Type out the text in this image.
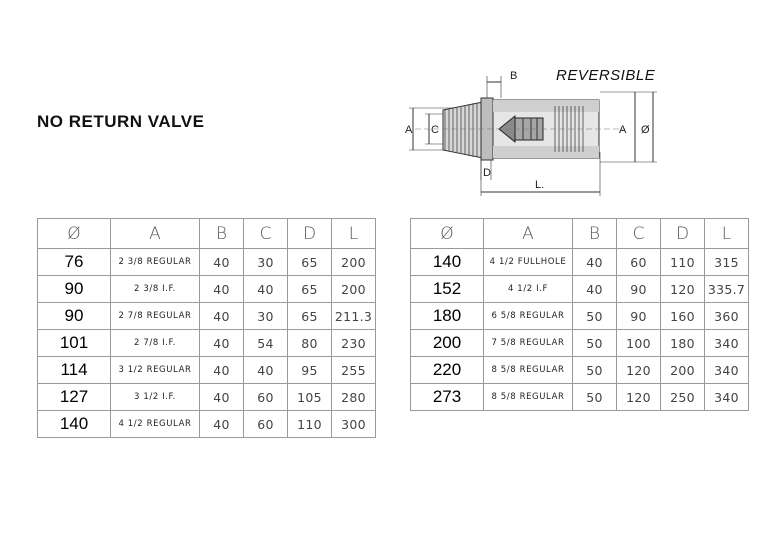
NO RETURN VALVE
REVERSIBLE
A C
B
D
L.
A Ø
Ø	A	B	C	D	L
76	2 3/8 REGULAR	40	30	65	200
90	2 3/8 I.F.	40	40	65	200
90	2 7/8 REGULAR	40	30	65	211.3
101	2 7/8 I.F.	40	54	80	230
114	3 1/2 REGULAR	40	40	95	255
127	3 1/2 I.F.	40	60	105	280
140	4 1/2 REGULAR	40	60	110	300
Ø	A	B	C	D	L
140	4 1/2 FULLHOLE	40	60	110	315
152	4 1/2 I.F	40	90	120	335.7
180	6 5/8 REGULAR	50	90	160	360
200	7 5/8 REGULAR	50	100	180	340
220	8 5/8 REGULAR	50	120	200	340
273	8 5/8 REGULAR	50	120	250	340
